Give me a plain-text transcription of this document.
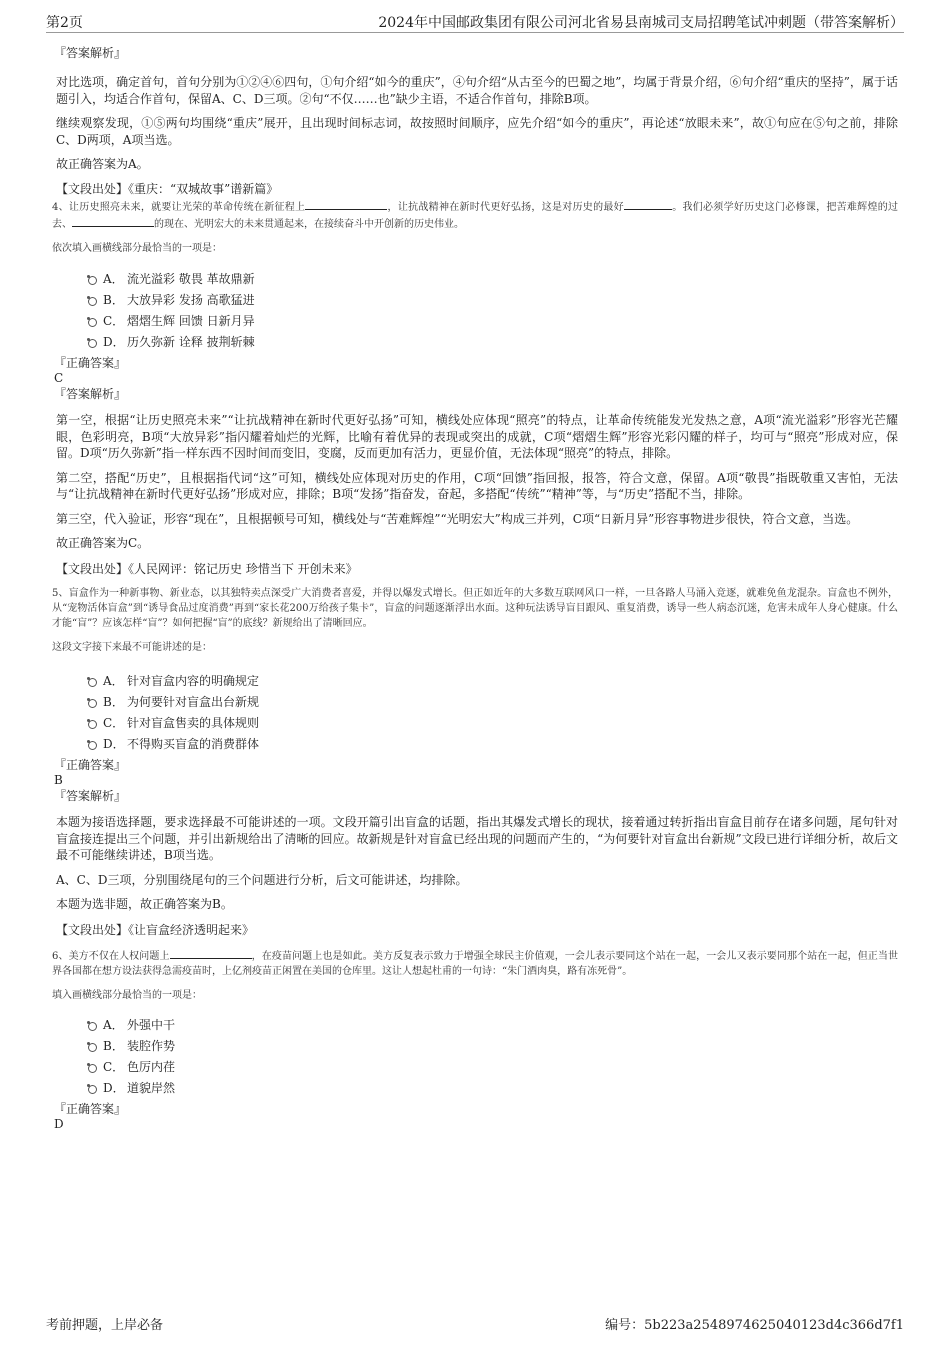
第2页	2024年中国邮政集团有限公司河北省易县南城司支局招聘笔试冲刺题（带答案解析）
『答案解析』

对比选项，确定首句，首句分别为①②④⑥四句，①句介绍“如今的重庆”，④句介绍“从古至今的巴蜀之地”，均属于背景介绍，⑥句介绍“重庆的坚持”，属于话题引入，均适合作首句，保留A、C、D三项。②句“不仅……也”缺少主语，不适合作首句，排除B项。

继续观察发现，①⑤两句均围绕“重庆”展开，且出现时间标志词，故按照时间顺序，应先介绍“如今的重庆”，再论述“放眼未来”，故①句应在⑤句之前，排除C、D两项，A项当选。

故正确答案为A。

【文段出处】《重庆：“双城故事”谱新篇》

4、让历史照亮未来，就要让光荣的革命传统在新征程上	，让抗战精神在新时代更好弘扬，这是对历史的最好	。我们必须学好历史这门必修课，把苦难辉煌的过去、	的现在、光明宏大的未来贯通起来，在接续奋斗中开创新的历史伟业。

依次填入画横线部分最恰当的一项是：

A． 流光溢彩 敬畏 革故鼎新
B． 大放异彩 发扬 高歌猛进
C． 熠熠生辉 回馈 日新月异
D． 历久弥新 诠释 披荆斩棘
『正确答案』
C
『答案解析』

第一空，根据“让历史照亮未来”“让抗战精神在新时代更好弘扬”可知，横线处应体现“照亮”的特点，让革命传统能发光发热之意，A项“流光溢彩”形容光芒耀眼，色彩明亮，B项“大放异彩”指闪耀着灿烂的光辉，比喻有着优异的表现或突出的成就，C项“熠熠生辉”形容光彩闪耀的样子，均可与“照亮”形成对应，保留。D项“历久弥新”指一样东西不因时间而变旧，变腐，反而更加有活力，更显价值，无法体现“照亮”的特点，排除。

第二空，搭配“历史”，且根据指代词“这”可知，横线处应体现对历史的作用，C项“回馈”指回报，报答，符合文意，保留。A项“敬畏”指既敬重又害怕，无法与“让抗战精神在新时代更好弘扬”形成对应，排除；B项“发扬”指奋发，奋起，多搭配“传统”“精神”等，与“历史”搭配不当，排除。

第三空，代入验证，形容“现在”，且根据顿号可知，横线处与“苦难辉煌”“光明宏大”构成三并列，C项“日新月异”形容事物进步很快，符合文意，当选。

故正确答案为C。

【文段出处】《人民网评：铭记历史 珍惜当下 开创未来》

5、盲盒作为一种新事物、新业态，以其独特卖点深受广大消费者喜爱，并得以爆发式增长。但正如近年的大多数互联网风口一样，一旦各路人马涌入竞逐，就难免鱼龙混杂。盲盒也不例外，从“宠物活体盲盒”到“诱导食品过度消费”再到“家长花200万给孩子集卡”，盲盒的问题逐渐浮出水面。这种玩法诱导盲目跟风、重复消费，诱导一些人病态沉迷，危害未成年人身心健康。什么才能“盲”？应该怎样“盲”？如何把握“盲”的底线？新规给出了清晰回应。

这段文字接下来最不可能讲述的是：

A． 针对盲盒内容的明确规定
B． 为何要针对盲盒出台新规
C． 针对盲盒售卖的具体规则
D． 不得购买盲盒的消费群体
『正确答案』
B
『答案解析』

本题为接语选择题，要求选择最不可能讲述的一项。文段开篇引出盲盒的话题，指出其爆发式增长的现状，接着通过转折指出盲盒目前存在诸多问题，尾句针对盲盒接连提出三个问题，并引出新规给出了清晰的回应。故新规是针对盲盒已经出现的问题而产生的，“为何要针对盲盒出台新规”文段已进行详细分析，故后文最不可能继续讲述，B项当选。

A、C、D三项，分别围绕尾句的三个问题进行分析，后文可能讲述，均排除。

本题为选非题，故正确答案为B。

【文段出处】《让盲盒经济透明起来》

6、美方不仅在人权问题上	，在疫苗问题上也是如此。美方反复表示致力于增强全球民主价值观，一会儿表示要同这个站在一起，一会儿又表示要同那个站在一起，但正当世界各国都在想方设法获得急需疫苗时，上亿剂疫苗正闲置在美国的仓库里。这让人想起杜甫的一句诗：“朱门酒肉臭，路有冻死骨”。

填入画横线部分最恰当的一项是：

A． 外强中干
B． 装腔作势
C． 色厉内荏
D． 道貌岸然
『正确答案』
D
考前押题，上岸必备	编号：5b223a2548974625040123d4c366d7f1
